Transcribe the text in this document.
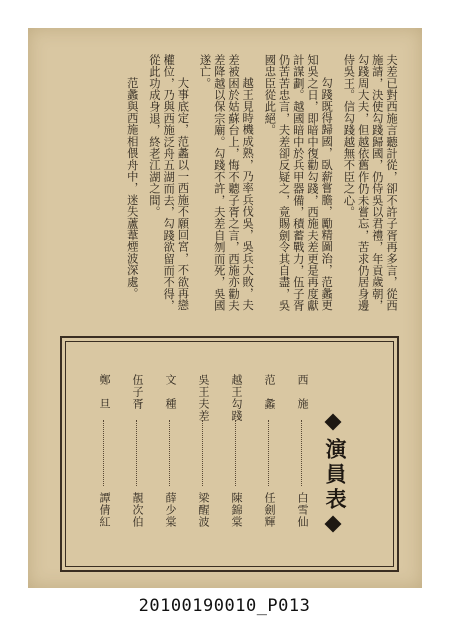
夫差已對西施言聽計從，卻不許子胥再多言，從西施請，決使勾踐歸國，仍侍吳以君禮，年貢歲朝，勾踐周大夫，但越依舊作仍未嘗忘，苦求仍居身邊侍吳王。信勾踐越無不臣之心。

勾踐既得歸國，臥薪嘗膽，勵精圖治，范蠡更知吳之日，即暗中復勸勾踐，西施夫差更是再度獻計謀劃。越國暗中於兵甲器備，積蓄戰力，伍子胥仍苦苦忠言，夫差卻反疑之，竟賜劍令其自盡，吳國忠臣從此絕。

越王見時機成熟，乃率兵伐吳，吳兵大敗，夫差被困於姑蘇台上，悔不聽子胥之言，西施亦勸夫差降越以保宗廟。勾踐不許，夫差自刎而死，吳國遂亡。

大事底定，范蠡以一西施不願回宮，不欲再戀權位，乃與西施泛舟五湖而去，勾踐欲留而不得，從此功成身退，終老江湖之間。

范蠡與西施相偎舟中，迷失蘆葦煙波深處。

演員表
西　施
白雪仙
范　蠡
任劍輝
越王勾踐
陳錦棠
吳王夫差
梁醒波
文　種
薛少棠
伍子胥
靚次伯
鄭　旦
譚倩紅
20100190010_P013
